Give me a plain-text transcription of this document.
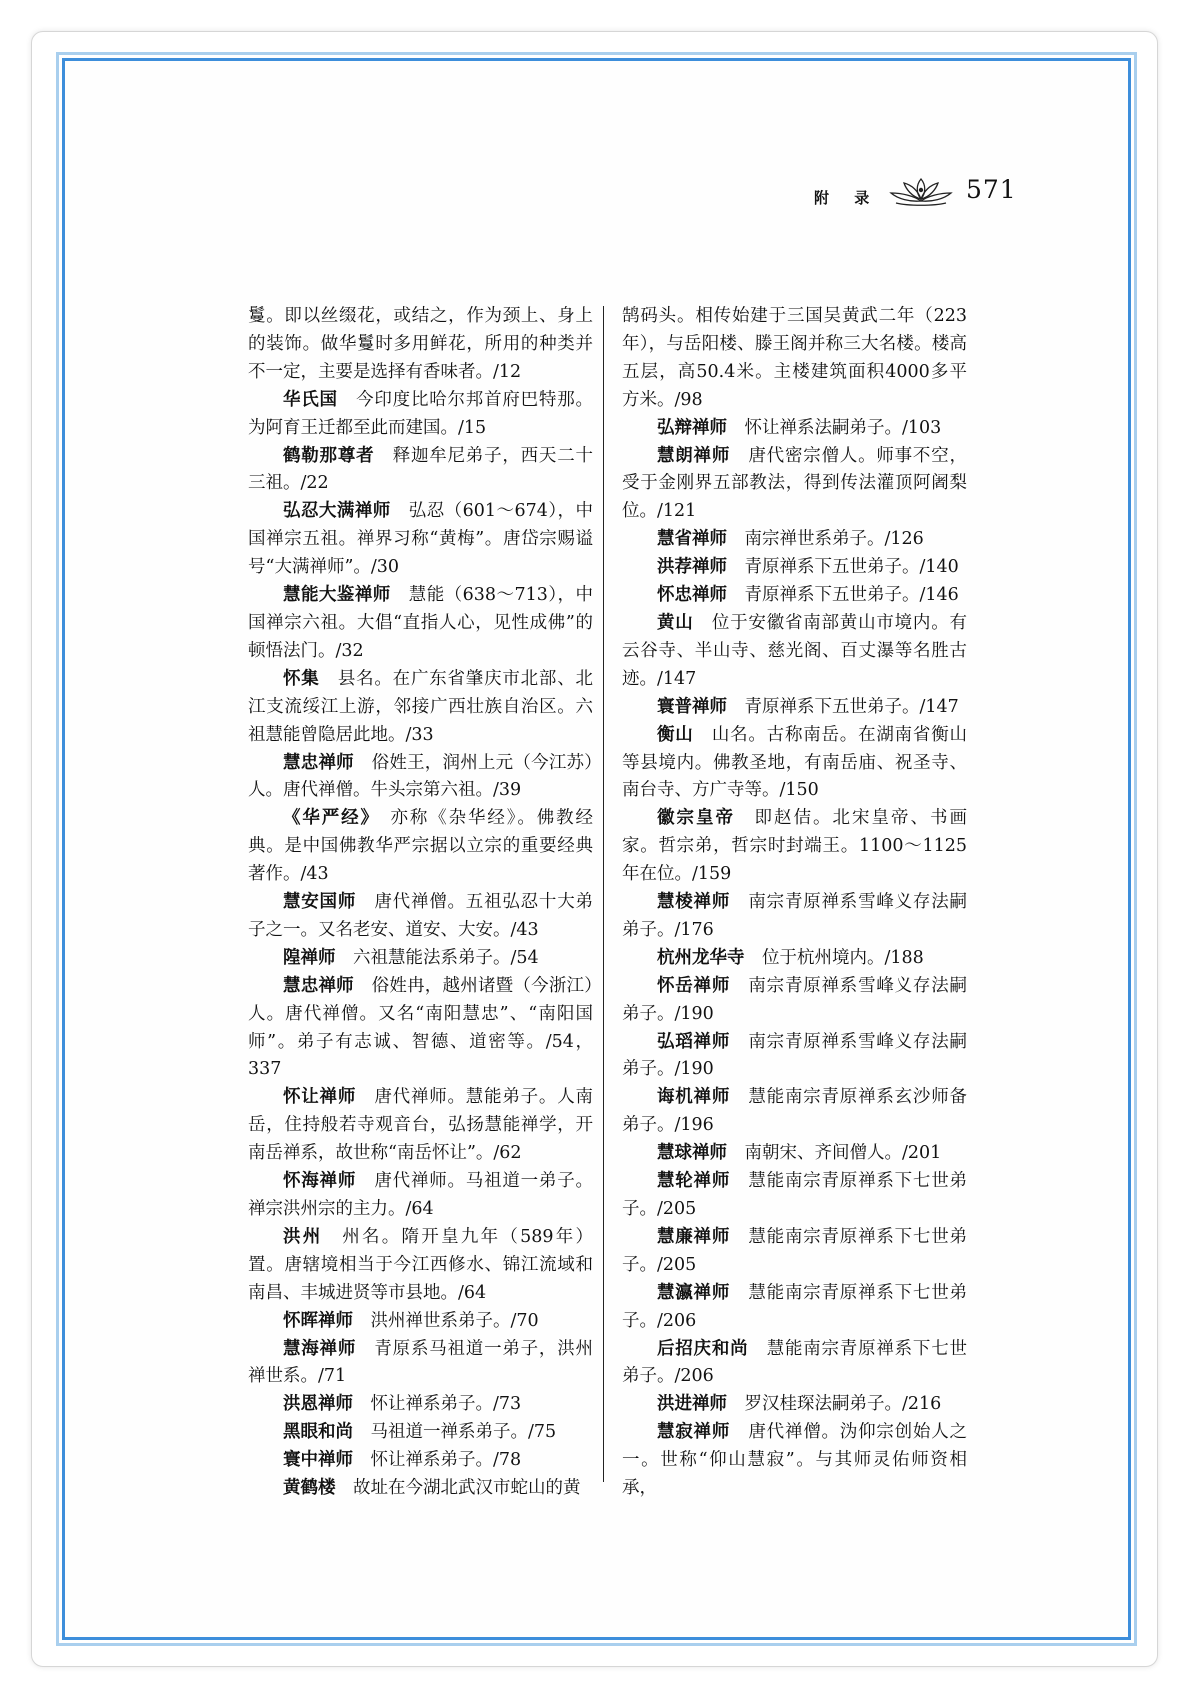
附 录	571

鬘。即以丝缀花，或结之，作为颈上、身上的装饰。做华鬘时多用鲜花，所用的种类并不一定，主要是选择有香味者。/12

华氏国　 今印度比哈尔邦首府巴特那。为阿育王迁都至此而建国。/15

鹤勒那尊者　 释迦牟尼弟子，西天二十三祖。/22

弘忍大满禅师　 弘忍（601～674），中国禅宗五祖。禅界习称“黄梅”。唐岱宗赐谥号“大满禅师”。/30

慧能大鉴禅师　 慧能（638～713），中国禅宗六祖。大倡“直指人心，见性成佛”的顿悟法门。/32

怀集　 县名。在广东省肇庆市北部、北江支流绥江上游，邻接广西壮族自治区。六祖慧能曾隐居此地。/33

慧忠禅师　 俗姓王，润州上元（今江苏）人。唐代禅僧。牛头宗第六祖。/39

《华严经》　 亦称《杂华经》。佛教经典。是中国佛教华严宗据以立宗的重要经典著作。/43

慧安国师　 唐代禅僧。五祖弘忍十大弟子之一。又名老安、道安、大安。/43

隍禅师　 六祖慧能法系弟子。/54

慧忠禅师　 俗姓冉，越州诸暨（今浙江）人。唐代禅僧。又名“南阳慧忠”、“南阳国师”。弟子有志诚、智德、道密等。/54，337

怀让禅师　 唐代禅师。慧能弟子。人南岳，住持般若寺观音台，弘扬慧能禅学，开南岳禅系，故世称“南岳怀让”。/62

怀海禅师　 唐代禅师。马祖道一弟子。禅宗洪州宗的主力。/64

洪州　 州名。隋开皇九年（589年）置。唐辖境相当于今江西修水、锦江流域和南昌、丰城进贤等市县地。/64

怀晖禅师　 洪州禅世系弟子。/70

慧海禅师　 青原系马祖道一弟子，洪州禅世系。/71

洪恩禅师　 怀让禅系弟子。/73

黑眼和尚　 马祖道一禅系弟子。/75

寰中禅师　 怀让禅系弟子。/78

黄鹤楼　 故址在今湖北武汉市蛇山的黄

鹄码头。相传始建于三国吴黄武二年（223年），与岳阳楼、滕王阁并称三大名楼。楼高五层，高50.4米。主楼建筑面积4000多平方米。/98

弘辩禅师　 怀让禅系法嗣弟子。/103

慧朗禅师　 唐代密宗僧人。师事不空，受于金刚界五部教法，得到传法灌顶阿阇梨位。/121

慧省禅师　 南宗禅世系弟子。/126

洪荐禅师　 青原禅系下五世弟子。/140

怀忠禅师　 青原禅系下五世弟子。/146

黄山　 位于安徽省南部黄山市境内。有云谷寺、半山寺、慈光阁、百丈瀑等名胜古迹。/147

寰普禅师　 青原禅系下五世弟子。/147

衡山　 山名。古称南岳。在湖南省衡山等县境内。佛教圣地，有南岳庙、祝圣寺、南台寺、方广寺等。/150

徽宗皇帝　 即赵佶。北宋皇帝、书画家。哲宗弟，哲宗时封端王。1100～1125年在位。/159

慧棱禅师　 南宗青原禅系雪峰义存法嗣弟子。/176

杭州龙华寺　 位于杭州境内。/188

怀岳禅师　 南宗青原禅系雪峰义存法嗣弟子。/190

弘瑫禅师　 南宗青原禅系雪峰义存法嗣弟子。/190

诲机禅师　 慧能南宗青原禅系玄沙师备弟子。/196

慧球禅师　 南朝宋、齐间僧人。/201

慧轮禅师　 慧能南宗青原禅系下七世弟子。/205

慧廉禅师　 慧能南宗青原禅系下七世弟子。/205

慧瀛禅师　 慧能南宗青原禅系下七世弟子。/206

后招庆和尚　 慧能南宗青原禅系下七世弟子。/206

洪进禅师　 罗汉桂琛法嗣弟子。/216

慧寂禅师　 唐代禅僧。沩仰宗创始人之一。世称“仰山慧寂”。与其师灵佑师资相承，
